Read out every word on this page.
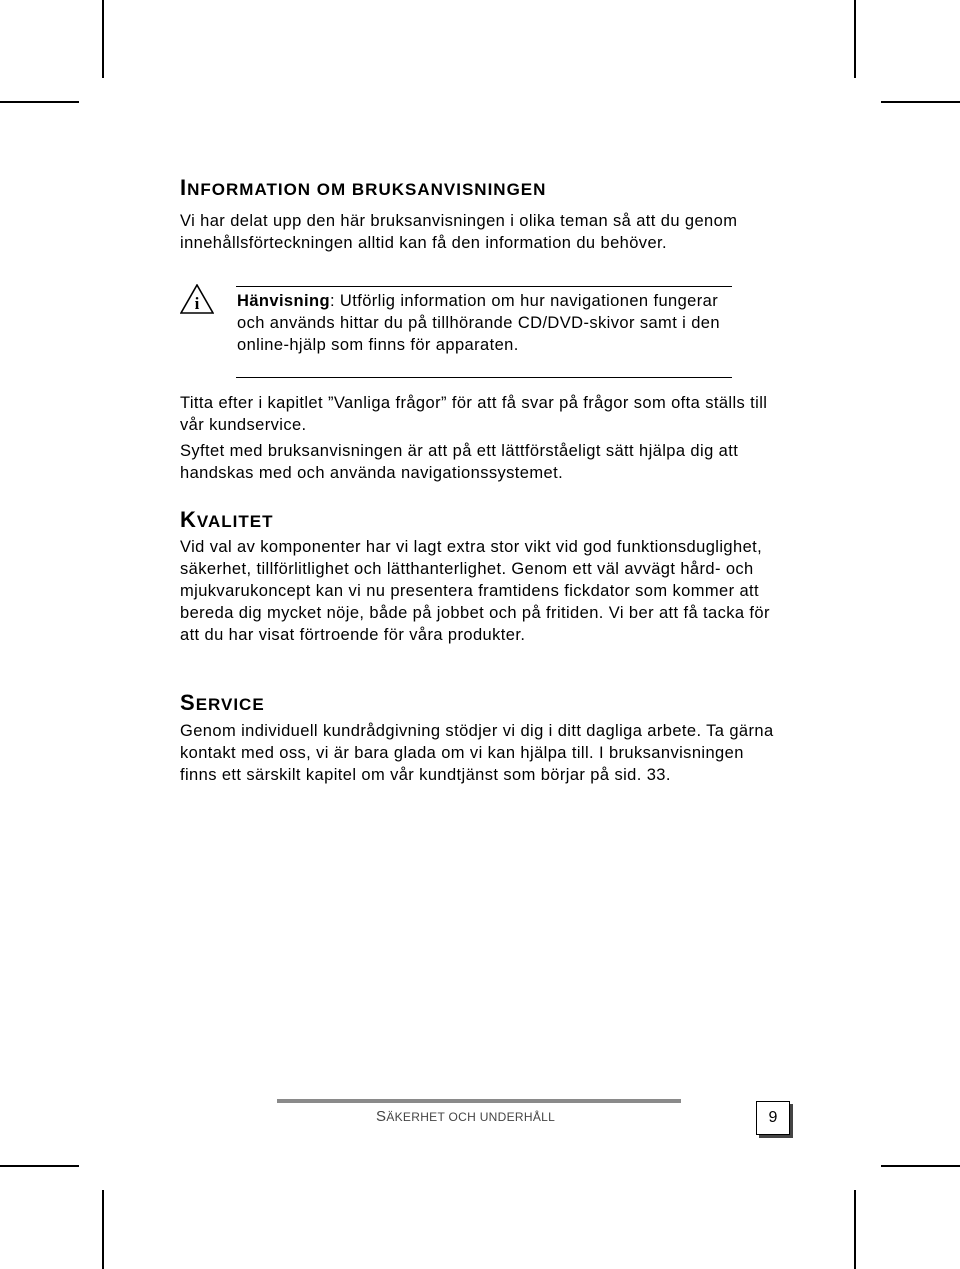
INFORMATION OM BRUKSANVISNINGEN

Vi har delat upp den här bruksanvisningen i olika teman så att du genom innehållsförteckningen alltid kan få den information du behöver.

i Hänvisning: Utförlig information om hur navigationen fungerar och används hittar du på tillhörande CD/DVD-skivor samt i den online-hjälp som finns för apparaten.

Titta efter i kapitlet ”Vanliga frågor” för att få svar på frågor som ofta ställs till vår kundservice.

Syftet med bruksanvisningen är att på ett lättförståeligt sätt hjälpa dig att handskas med och använda navigationssystemet.

KVALITET

Vid val av komponenter har vi lagt extra stor vikt vid god funktionsduglighet, säkerhet, tillförlitlighet och lätthanterlighet. Genom ett väl avvägt hård- och mjukvarukoncept kan vi nu presentera framtidens fickdator som kommer att bereda dig mycket nöje, både på jobbet och på fritiden. Vi ber att få tacka för att du har visat förtroende för våra produkter.

SERVICE

Genom individuell kundrådgivning stödjer vi dig i ditt dagliga arbete. Ta gärna kontakt med oss, vi är bara glada om vi kan hjälpa till. I bruksanvisningen finns ett särskilt kapitel om vår kundtjänst som börjar på sid. 33.

SÄKERHET OCH UNDERHÅLL	9
